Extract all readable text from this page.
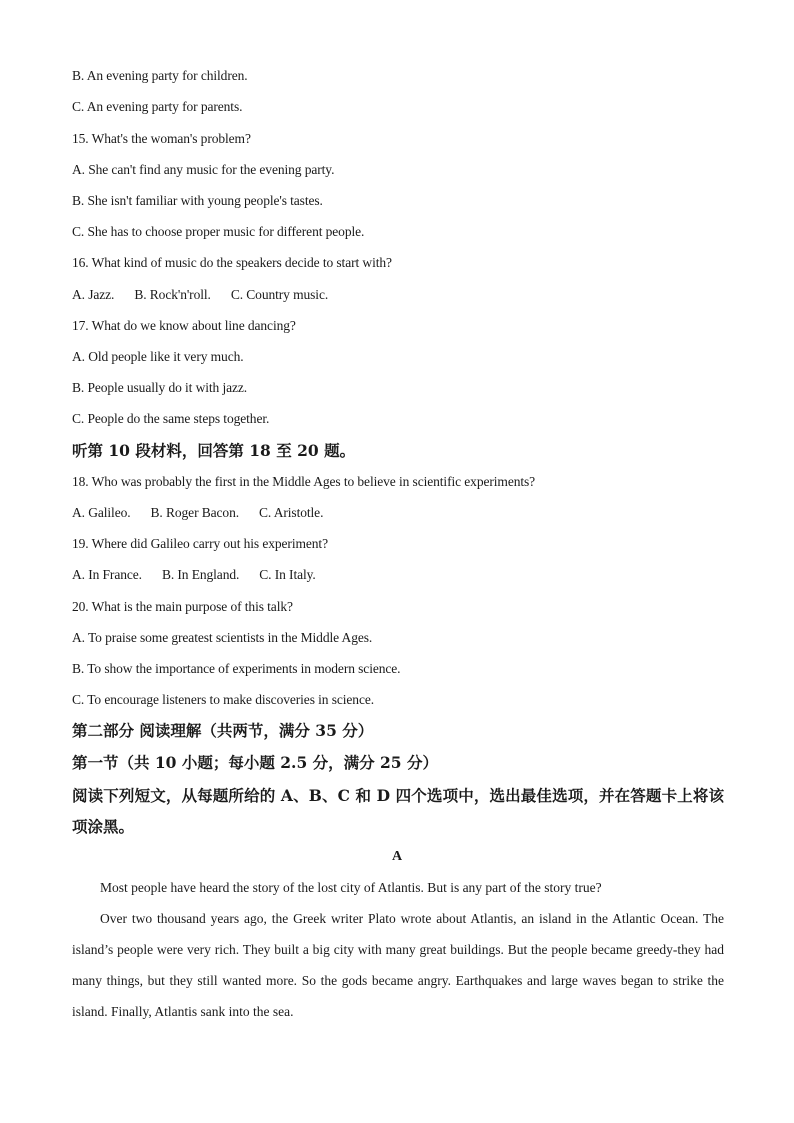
B. An evening party for children.
C. An evening party for parents.
15. What's the woman's problem?
A. She can't find any music for the evening party.
B. She isn't familiar with young people's tastes.
C. She has to choose proper music for different people.
16. What kind of music do the speakers decide to start with?
A. Jazz. B. Rock'n'roll. C. Country music.
17. What do we know about line dancing?
A. Old people like it very much.
B. People usually do it with jazz.
C. People do the same steps together.
听第 10 段材料，回答第 18 至 20 题。
18. Who was probably the first in the Middle Ages to believe in scientific experiments?
A. Galileo. B. Roger Bacon. C. Aristotle.
19. Where did Galileo carry out his experiment?
A. In France. B. In England. C. In Italy.
20. What is the main purpose of this talk?
A. To praise some greatest scientists in the Middle Ages.
B. To show the importance of experiments in modern science.
C. To encourage listeners to make discoveries in science.
第二部分 阅读理解（共两节，满分 35 分）
第一节（共 10 小题；每小题 2.5 分，满分 25 分）
阅读下列短文，从每题所给的 A、B、C 和 D 四个选项中，选出最佳选项，并在答题卡上将该项涂黑。
A
Most people have heard the story of the lost city of Atlantis. But is any part of the story true?
Over two thousand years ago, the Greek writer Plato wrote about Atlantis, an island in the Atlantic Ocean. The island’s people were very rich. They built a big city with many great buildings. But the people became greedy-they had many things, but they still wanted more. So the gods became angry. Earthquakes and large waves began to strike the island. Finally, Atlantis sank into the sea.
